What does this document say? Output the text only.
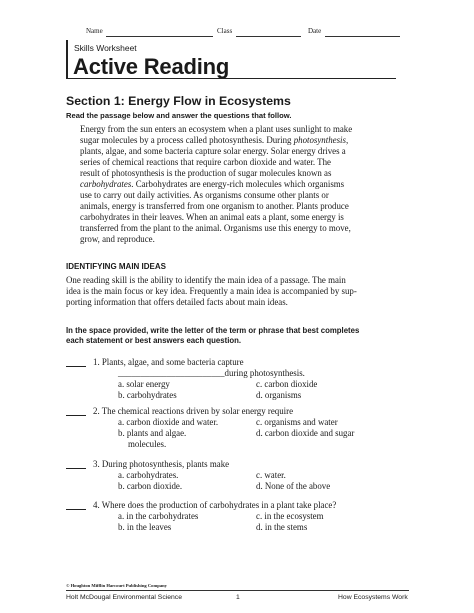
Name	Class	Date
Skills Worksheet
Active Reading
Section 1: Energy Flow in Ecosystems
Read the passage below and answer the questions that follow.

Energy from the sun enters an ecosystem when a plant uses sunlight to make

sugar molecules by a process called photosynthesis. During photosynthesis,

plants, algae, and some bacteria capture solar energy. Solar energy drives a

series of chemical reactions that require carbon dioxide and water. The

result of photosynthesis is the production of sugar molecules known as

carbohydrates. Carbohydrates are energy-rich molecules which organisms

use to carry out daily activities. As organisms consume other plants or

animals, energy is transferred from one organism to another. Plants produce

carbohydrates in their leaves. When an animal eats a plant, some energy is

transferred from the plant to the animal. Organisms use this energy to move,

grow, and reproduce.

IDENTIFYING MAIN IDEAS
One reading skill is the ability to identify the main idea of a passage. The main
idea is the main focus or key idea. Frequently a main idea is accompanied by sup-
porting information that offers detailed facts about main ideas.
In the space provided, write the letter of the term or phrase that best completes
each statement or best answers each question.
1. Plants, algae, and some bacteria capture
________________________during photosynthesis.
a. solar energy	c. carbon dioxide
b. carbohydrates	d. organisms
2. The chemical reactions driven by solar energy require
a. carbon dioxide and water.	c. organisms and water
b. plants and algae.	d. carbon dioxide and sugar
molecules.
3. During photosynthesis, plants make
a. carbohydrates.	c. water.
b. carbon dioxide.	d. None of the above
4. Where does the production of carbohydrates in a plant take place?
a. in the carbohydrates	c. in the ecosystem
b. in the leaves	d. in the stems
© Houghton Mifflin Harcourt Publishing Company
Holt McDougal Environmental Science	1	How Ecosystems Work
